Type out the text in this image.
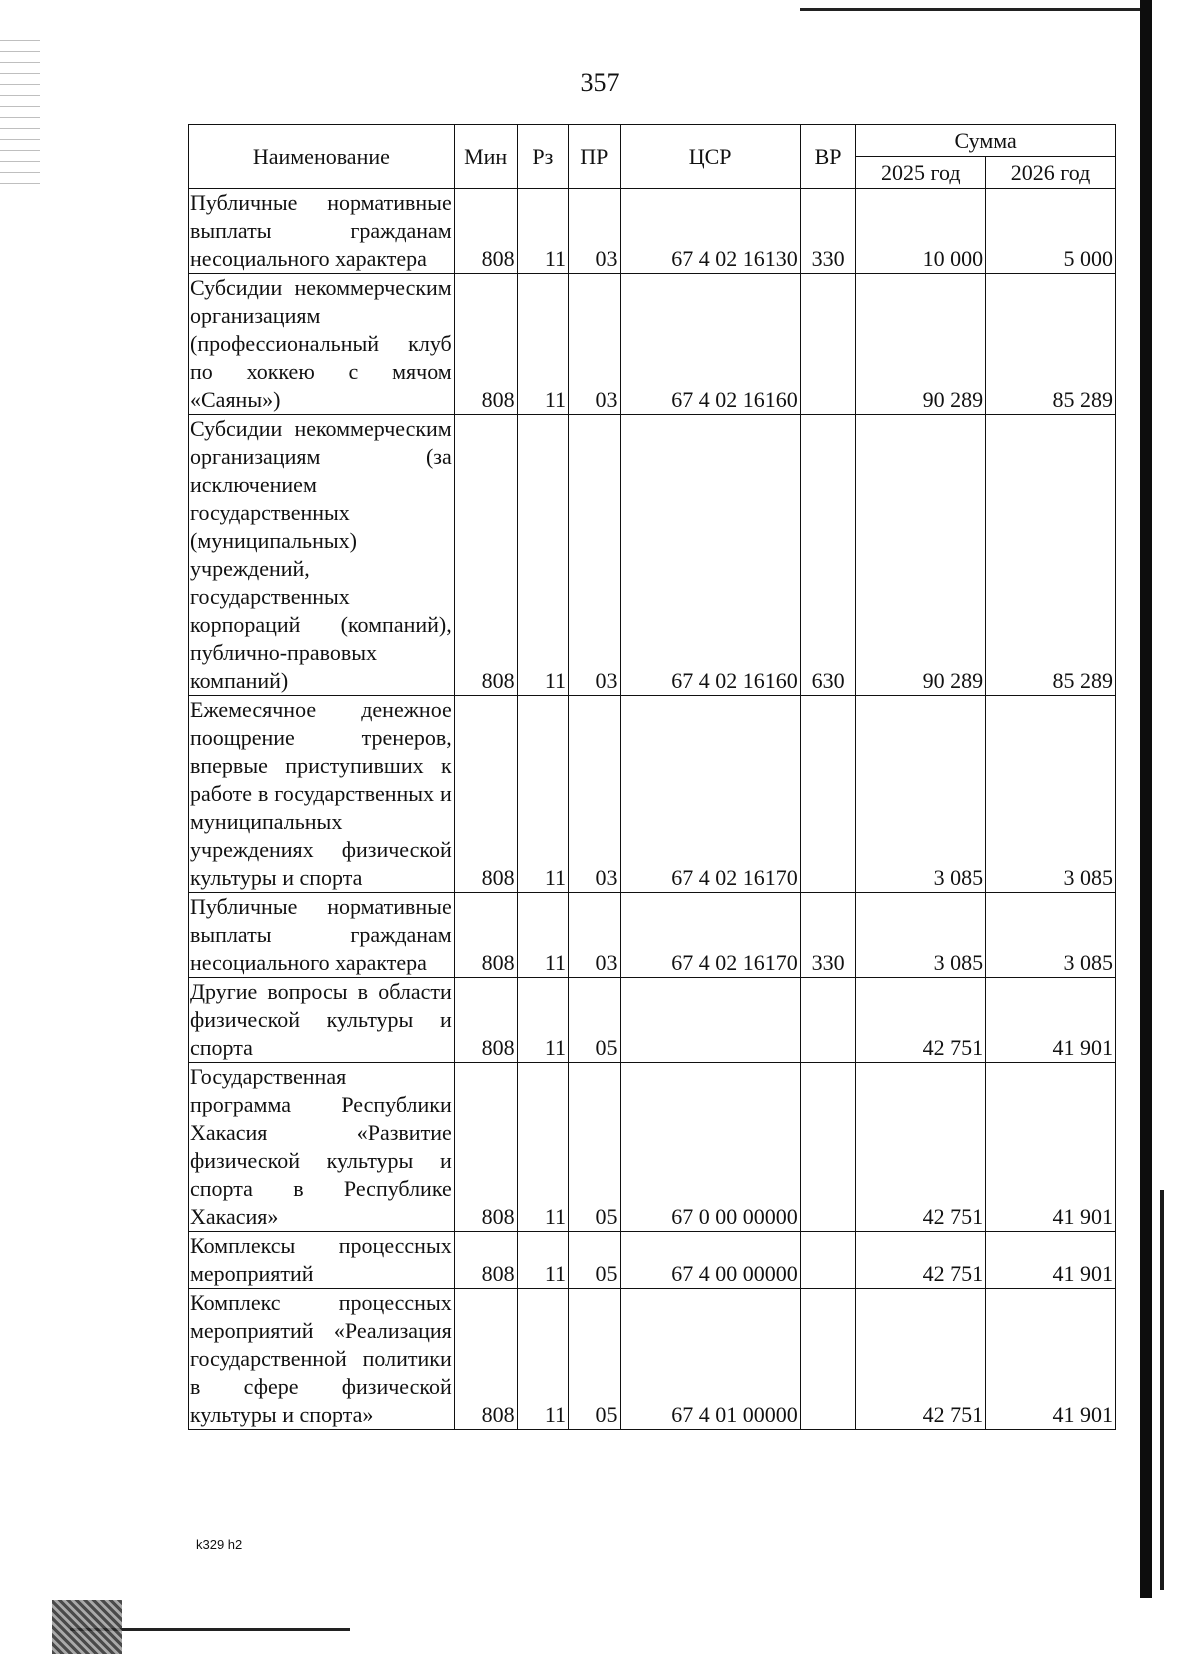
357
Наименование	Мин	Рз	ПР	ЦСР	ВР	Сумма	
						2025 год	2026 год
Публичные нормативные выплаты гражданам несоциального характера	808	11	03	67 4 02 16130	330	10 000	5 000
Субсидии некоммерческим организациям (профессиональный клуб по хоккею с мячом «Саяны»)	808	11	03	67 4 02 16160		90 289	85 289
Субсидии некоммерческим организациям (за исключением государственных (муниципальных) учреждений, государственных корпораций (компаний), публично-правовых компаний)	808	11	03	67 4 02 16160	630	90 289	85 289
Ежемесячное денежное поощрение тренеров, впервые приступивших к работе в государственных и муниципальных учреждениях физической культуры и спорта	808	11	03	67 4 02 16170		3 085	3 085
Публичные нормативные выплаты гражданам несоциального характера	808	11	03	67 4 02 16170	330	3 085	3 085
Другие вопросы в области физической культуры и спорта	808	11	05			42 751	41 901
Государственная программа Республики Хакасия «Развитие физической культуры и спорта в Республике Хакасия»	808	11	05	67 0 00 00000		42 751	41 901
Комплексы процессных мероприятий	808	11	05	67 4 00 00000		42 751	41 901
Комплекс процессных мероприятий «Реализация государственной политики в сфере физической культуры и спорта»	808	11	05	67 4 01 00000		42 751	41 901
k329 h2
